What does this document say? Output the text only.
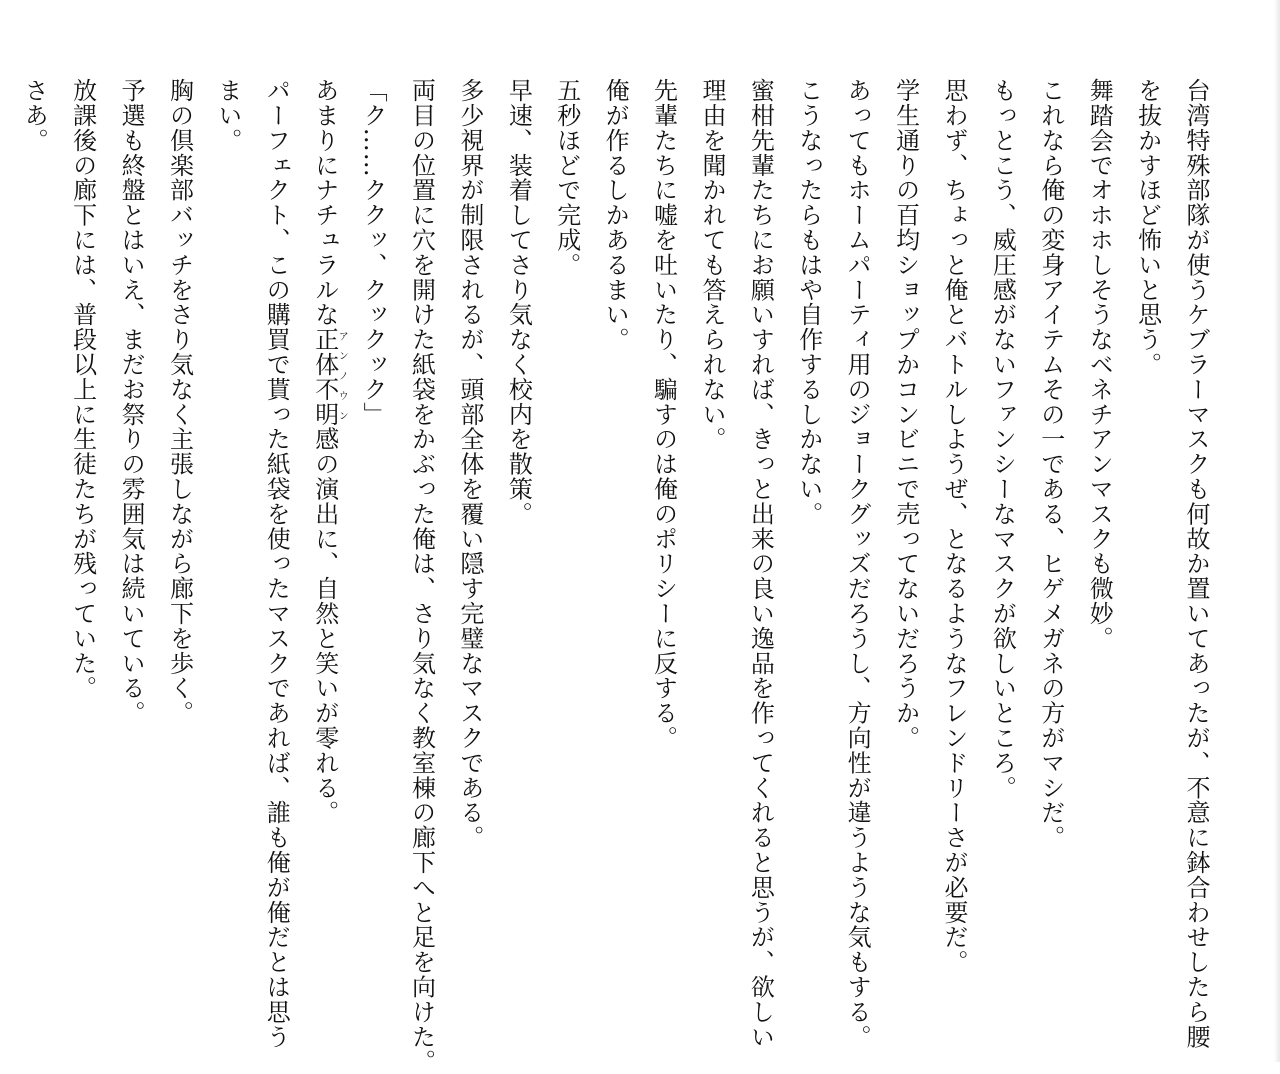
台湾特殊部隊が使うケブラーマスクも何故か置いてあったが、不意に鉢合わせしたら腰

を抜かすほど怖いと思う。

舞踏会でオホホしそうなベネチアンマスクも微妙。

これなら俺の変身アイテムその一である、ヒゲメガネの方がマシだ。

もっとこう、威圧感がないファンシーなマスクが欲しいところ。

思わず、ちょっと俺とバトルしようぜ、となるようなフレンドリーさが必要だ。

学生通りの百均ショップかコンビニで売ってないだろうか。

あってもホームパーティ用のジョークグッズだろうし、方向性が違うような気もする。

こうなったらもはや自作するしかない。

蜜柑先輩たちにお願いすれば、きっと出来の良い逸品を作ってくれると思うが、欲しい

理由を聞かれても答えられない。

先輩たちに嘘を吐いたり、騙すのは俺のポリシーに反する。

俺が作るしかあるまい。

五秒ほどで完成。

早速、装着してさり気なく校内を散策。

多少視界が制限されるが、頭部全体を覆い隠す完璧なマスクである。

両目の位置に穴を開けた紙袋をかぶった俺は、さり気なく教室棟の廊下へと足を向けた。

「ク……ククッ、クックック」

あまりにナチュラルな正体不明アンノウン感の演出に、自然と笑いが零れる。

パーフェクト、この購買で貰った紙袋を使ったマスクであれば、誰も俺が俺だとは思う

まい。

胸の倶楽部バッチをさり気なく主張しながら廊下を歩く。

予選も終盤とはいえ、まだお祭りの雰囲気は続いている。

放課後の廊下には、普段以上に生徒たちが残っていた。

さあ。
